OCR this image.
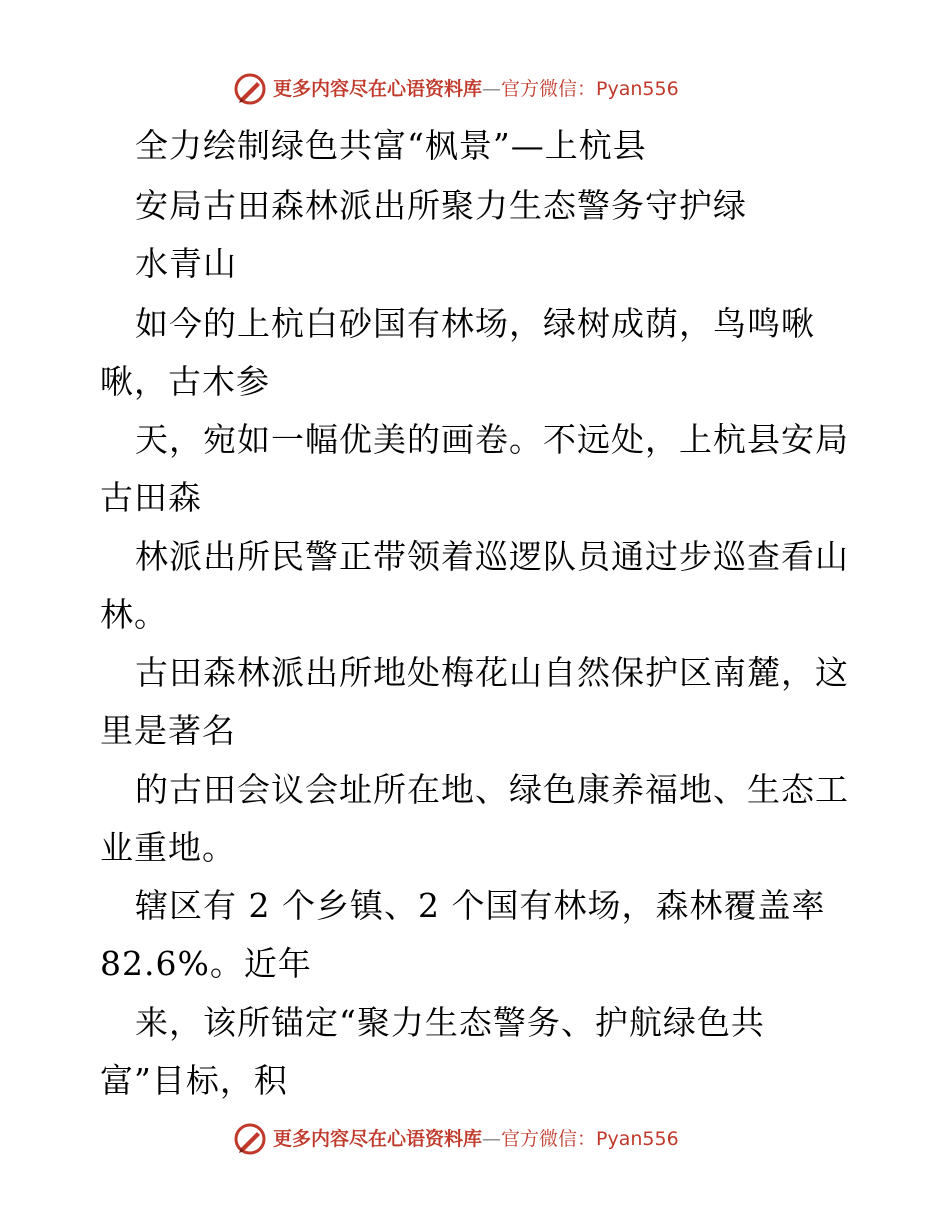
更多内容尽在心语资料库—官方微信：Pyan556
全力绘制绿色共富“枫景”—上杭县
安局古田森林派出所聚力生态警务守护绿
水青山
如今的上杭白砂国有林场，绿树成荫，鸟鸣啾
啾，古木参
天，宛如一幅优美的画卷。不远处，上杭县安局
古田森
林派出所民警正带领着巡逻队员通过步巡查看山
林。
古田森林派出所地处梅花山自然保护区南麓，这
里是著名
的古田会议会址所在地、绿色康养福地、生态工
业重地。
辖区有 2 个乡镇、2 个国有林场，森林覆盖率
82.6%。近年
来，该所锚定“聚力生态警务、护航绿色共
富”目标，积
更多内容尽在心语资料库—官方微信：Pyan556
